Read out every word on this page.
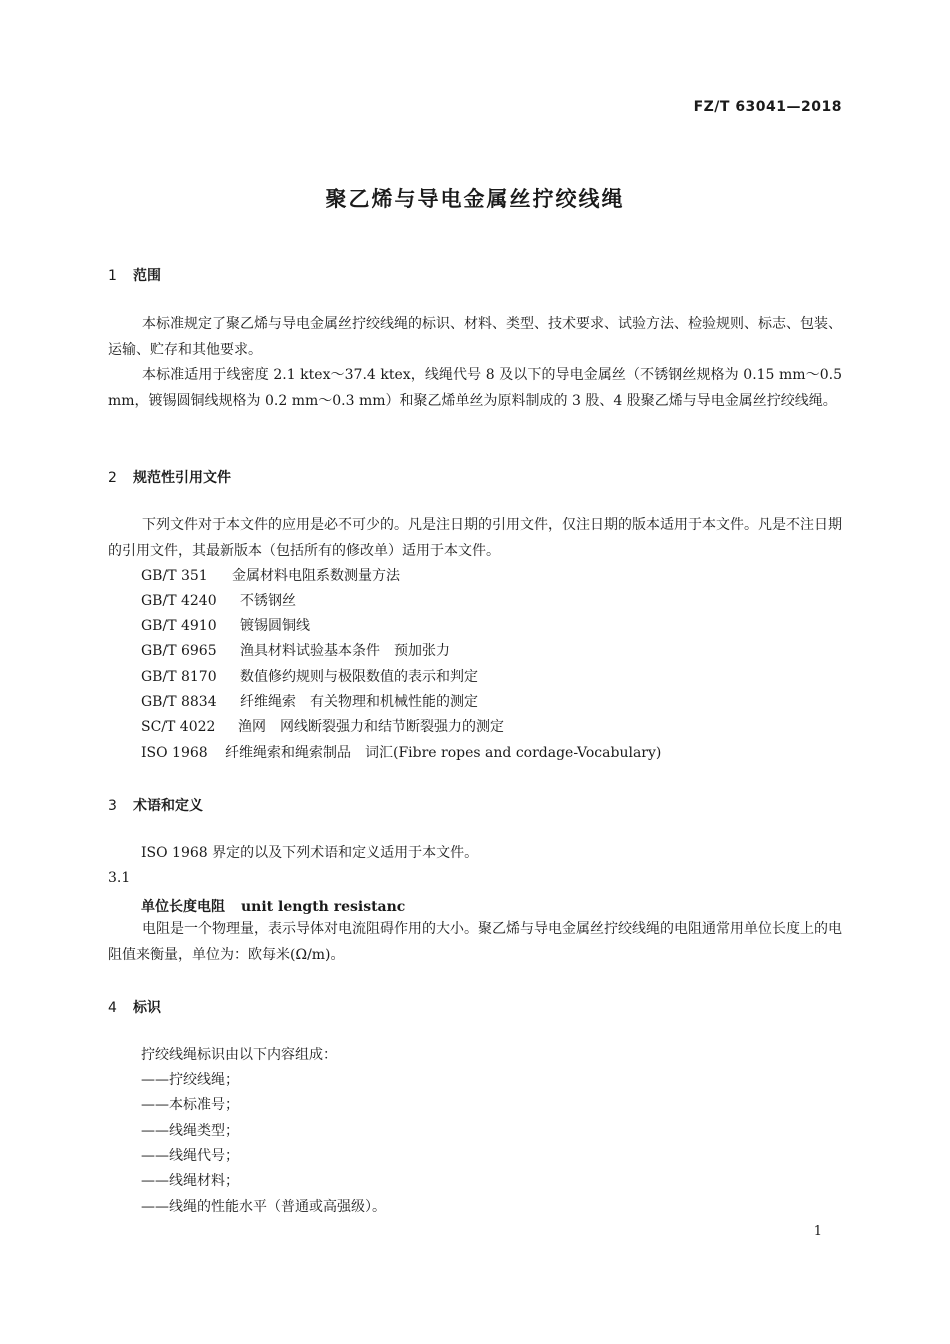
FZ/T 63041—2018
聚乙烯与导电金属丝拧绞线绳
1 范围
本标准规定了聚乙烯与导电金属丝拧绞线绳的标识、材料、类型、技术要求、试验方法、检验规则、标志、包装、运输、贮存和其他要求。
本标准适用于线密度 2.1 ktex～37.4 ktex，线绳代号 8 及以下的导电金属丝（不锈钢丝规格为 0.15 mm～0.5 mm，镀锡圆铜线规格为 0.2 mm～0.3 mm）和聚乙烯单丝为原料制成的 3 股、4 股聚乙烯与导电金属丝拧绞线绳。
2 规范性引用文件
下列文件对于本文件的应用是必不可少的。凡是注日期的引用文件，仅注日期的版本适用于本文件。凡是不注日期的引用文件，其最新版本（包括所有的修改单）适用于本文件。
GB/T 351 金属材料电阻系数测量方法
GB/T 4240 不锈钢丝
GB/T 4910 镀锡圆铜线
GB/T 6965 渔具材料试验基本条件　预加张力
GB/T 8170 数值修约规则与极限数值的表示和判定
GB/T 8834 纤维绳索　有关物理和机械性能的测定
SC/T 4022 渔网　网线断裂强力和结节断裂强力的测定
ISO 1968 纤维绳索和绳索制品　词汇(Fibre ropes and cordage-Vocabulary)
3 术语和定义
ISO 1968 界定的以及下列术语和定义适用于本文件。
3.1
单位长度电阻 unit length resistanc
电阻是一个物理量，表示导体对电流阻碍作用的大小。聚乙烯与导电金属丝拧绞线绳的电阻通常用单位长度上的电阻值来衡量，单位为：欧每米(Ω/m)。
4 标识
拧绞线绳标识由以下内容组成：
——拧绞线绳；
——本标准号；
——线绳类型；
——线绳代号；
——线绳材料；
——线绳的性能水平（普通或高强级）。
1
